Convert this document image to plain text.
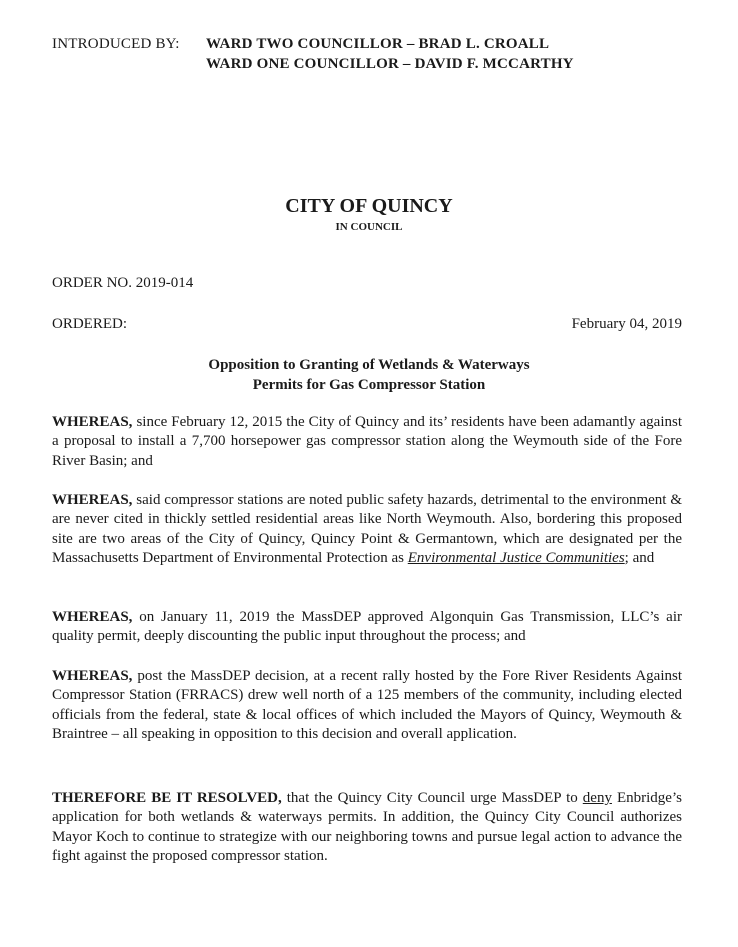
INTRODUCED BY:	WARD TWO COUNCILLOR – BRAD L. CROALL
WARD ONE COUNCILLOR – DAVID F. MCCARTHY
CITY OF QUINCY
IN COUNCIL
ORDER NO. 2019-014
ORDERED:	February 04, 2019
Opposition to Granting of Wetlands & Waterways
Permits for Gas Compressor Station
WHEREAS, since February 12, 2015 the City of Quincy and its’ residents have been adamantly against a proposal to install a 7,700 horsepower gas compressor station along the Weymouth side of the Fore River Basin; and
WHEREAS, said compressor stations are noted public safety hazards, detrimental to the environment & are never cited in thickly settled residential areas like North Weymouth. Also, bordering this proposed site are two areas of the City of Quincy, Quincy Point & Germantown, which are designated per the Massachusetts Department of Environmental Protection as Environmental Justice Communities; and
WHEREAS, on January 11, 2019 the MassDEP approved Algonquin Gas Transmission, LLC’s air quality permit, deeply discounting the public input throughout the process; and
WHEREAS, post the MassDEP decision, at a recent rally hosted by the Fore River Residents Against Compressor Station (FRRACS) drew well north of a 125 members of the community, including elected officials from the federal, state & local offices of which included the Mayors of Quincy, Weymouth & Braintree – all speaking in opposition to this decision and overall application.
THEREFORE BE IT RESOLVED, that the Quincy City Council urge MassDEP to deny Enbridge’s application for both wetlands & waterways permits. In addition, the Quincy City Council authorizes Mayor Koch to continue to strategize with our neighboring towns and pursue legal action to advance the fight against the proposed compressor station.
